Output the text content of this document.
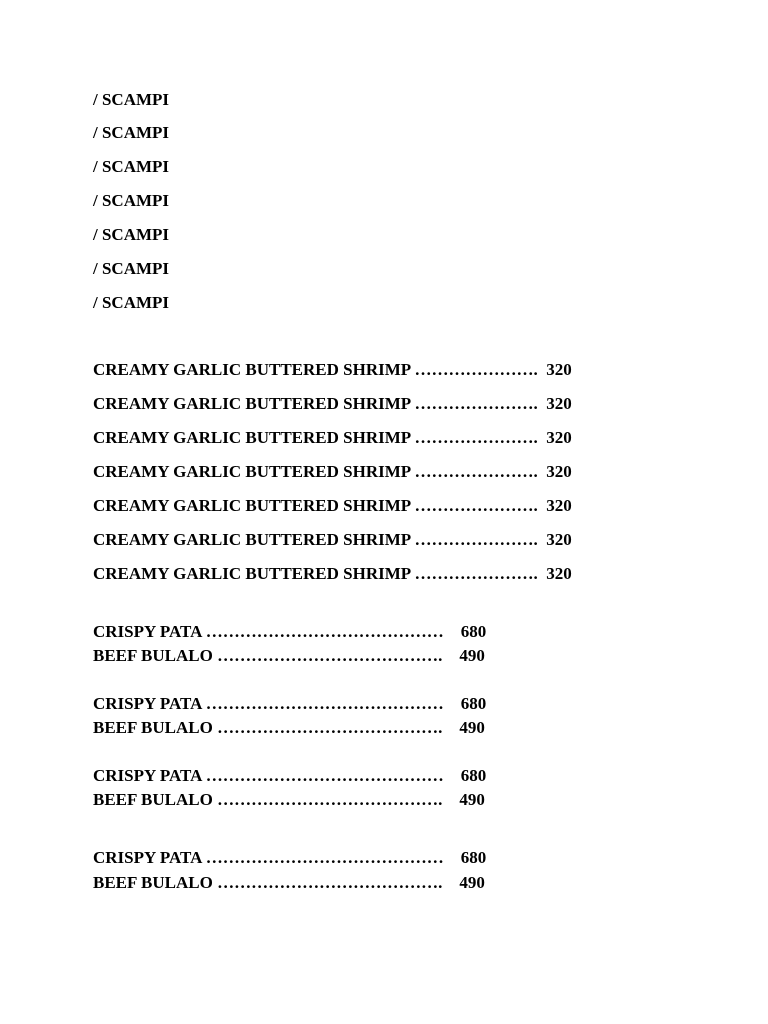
/ SCAMPI
/ SCAMPI
/ SCAMPI
/ SCAMPI
/ SCAMPI
/ SCAMPI
/ SCAMPI
CREAMY GARLIC BUTTERED SHRIMP ………………….  320
CREAMY GARLIC BUTTERED SHRIMP ………………….  320
CREAMY GARLIC BUTTERED SHRIMP ………………….  320
CREAMY GARLIC BUTTERED SHRIMP ………………….  320
CREAMY GARLIC BUTTERED SHRIMP ………………….  320
CREAMY GARLIC BUTTERED SHRIMP ………………….  320
CREAMY GARLIC BUTTERED SHRIMP ………………….  320
CRISPY PATA ……………………………………    680
BEEF BULALO ………………………………….    490
CRISPY PATA ……………………………………    680
BEEF BULALO ………………………………….    490
CRISPY PATA ……………………………………    680
BEEF BULALO ………………………………….    490
CRISPY PATA ……………………………………    680
BEEF BULALO ………………………………….    490
